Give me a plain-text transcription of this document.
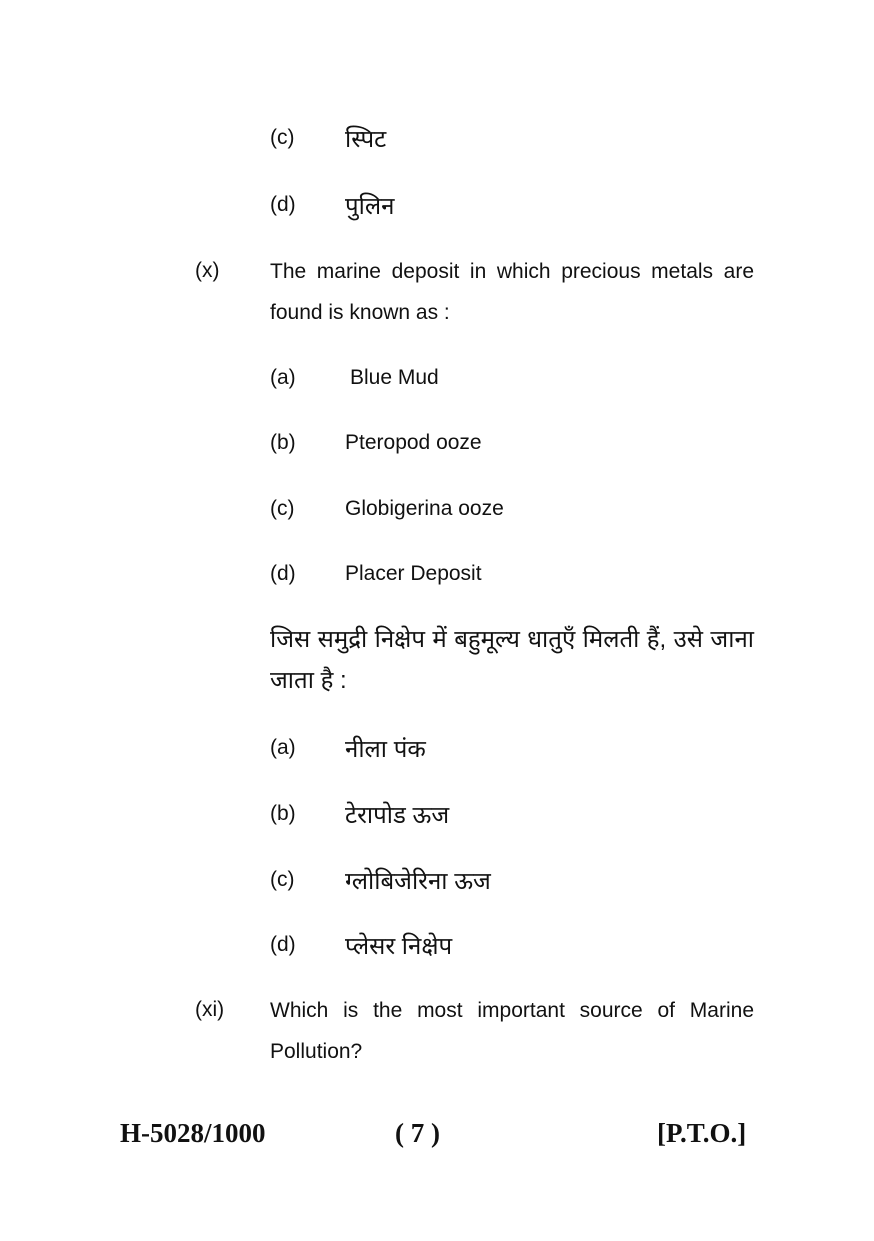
(c) स्पिट
(d) पुलिन
(x) The marine deposit in which precious metals are found is known as :
(a)	Blue Mud
(b) Pteropod ooze
(c) Globigerina ooze
(d) Placer Deposit
जिस समुद्री निक्षेप में बहुमूल्य धातुएँ मिलती हैं, उसे जाना जाता है :
(a) नीला पंक
(b) टेरापोड ऊज
(c) ग्लोबिजेरिना ऊज
(d) प्लेसर निक्षेप
(xi) Which is the most important source of Marine Pollution?
H-5028/1000	( 7 )	[P.T.O.]
